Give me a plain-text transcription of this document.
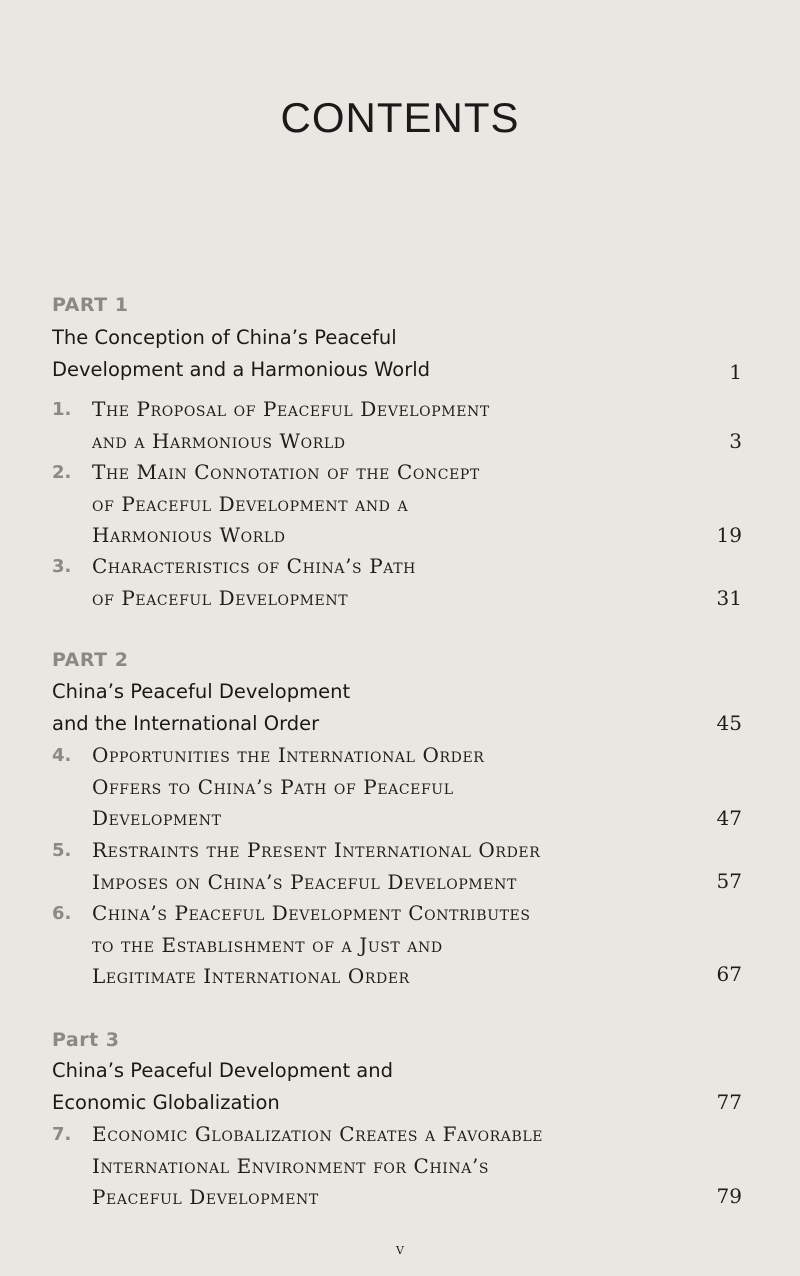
CONTENTS
PART 1
The Conception of China’s Peaceful
Development and a Harmonious World	1
1. The Proposal of Peaceful Development
and a Harmonious World	3
2. The Main Connotation of the Concept
of Peaceful Development and a
Harmonious World	19
3. Characteristics of China’s Path
of Peaceful Development	31
PART 2
China’s Peaceful Development
and the International Order	45
4. Opportunities the International Order
Offers to China’s Path of Peaceful
Development	47
5. Restraints the Present International Order
Imposes on China’s Peaceful Development	57
6. China’s Peaceful Development Contributes
to the Establishment of a Just and
Legitimate International Order	67
Part 3
China’s Peaceful Development and
Economic Globalization	77
7. Economic Globalization Creates a Favorable
International Environment for China’s
Peaceful Development	79
v
